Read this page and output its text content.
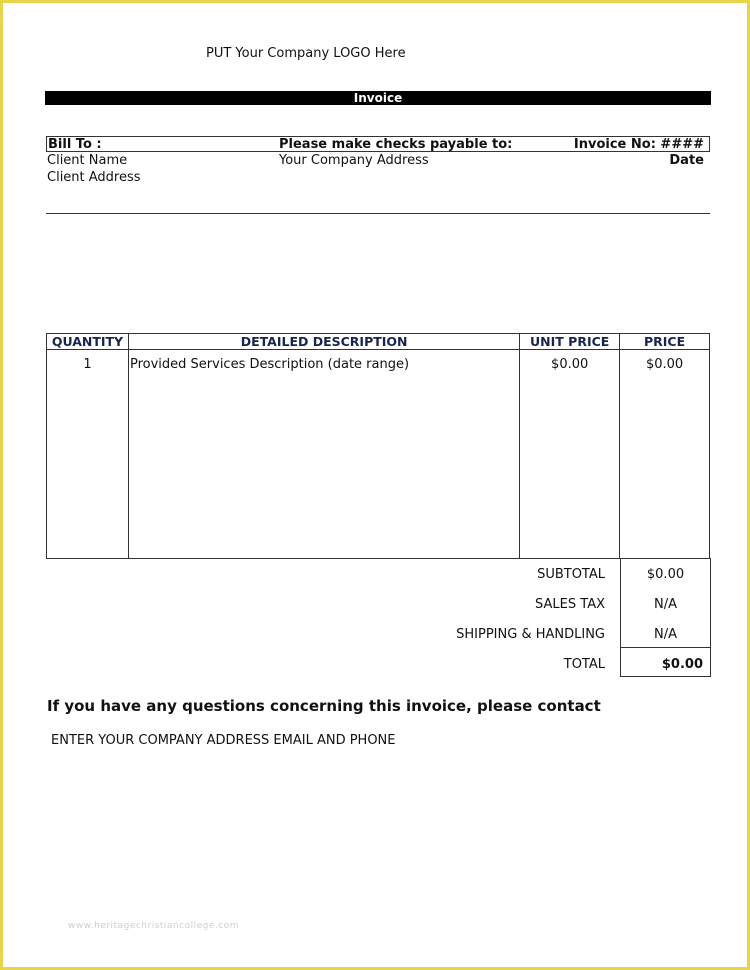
PUT Your Company LOGO Here
Invoice
Bill To :
Client Name
Client Address
Please make checks payable to:
Your Company Address
Invoice No: ####
Date
QUANTITY	DETAILED DESCRIPTION	UNIT PRICE	PRICE
1	Provided Services Description (date range)	$0.00	$0.00
SUBTOTAL	$0.00
SALES TAX	N/A
SHIPPING & HANDLING	N/A
TOTAL	$0.00
If you have any questions concerning this invoice, please contact
ENTER YOUR COMPANY ADDRESS EMAIL AND PHONE
www.heritagechristiancollege.com
